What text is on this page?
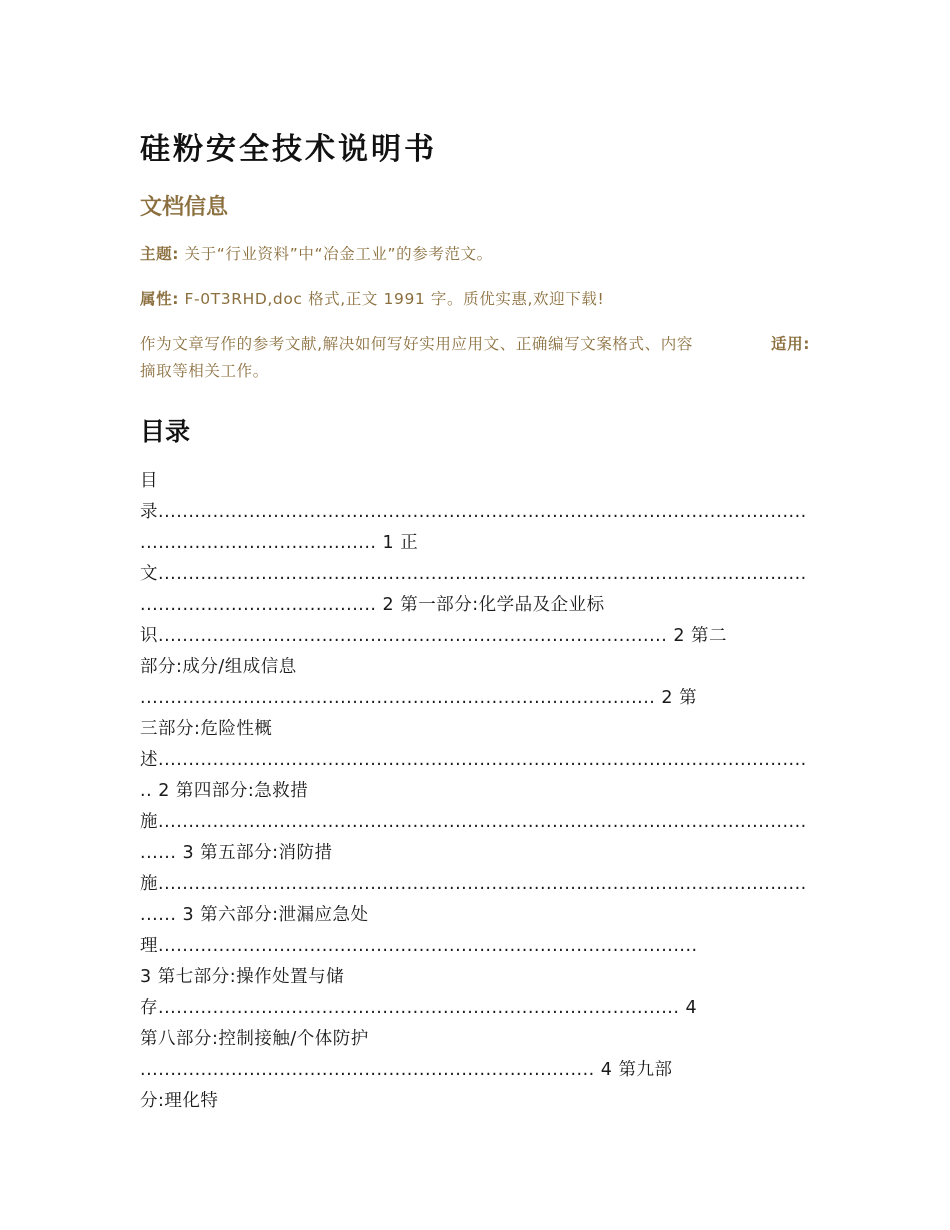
硅粉安全技术说明书
文档信息
主题: 关于“行业资料”中“冶金工业”的参考范文。
属性: F-0T3RHD,doc 格式,正文 1991 字。质优实惠,欢迎下载!
作为文章写作的参考文献,解决如何写好实用应用文、正确编写文案格式、内容	适用:
摘取等相关工作。
目录
目
录...........................................................................................................
....................................... 1 正
文...........................................................................................................
....................................... 2 第一部分:化学品及企业标
识.................................................................................... 2 第二
部分:成分/组成信息
..................................................................................... 2 第
三部分:危险性概
述...........................................................................................................
.. 2 第四部分:急救措
施...........................................................................................................
...... 3 第五部分:消防措
施...........................................................................................................
...... 3 第六部分:泄漏应急处
理.........................................................................................
3 第七部分:操作处置与储
存...................................................................................... 4
第八部分:控制接触/个体防护
........................................................................... 4 第九部
分:理化特
